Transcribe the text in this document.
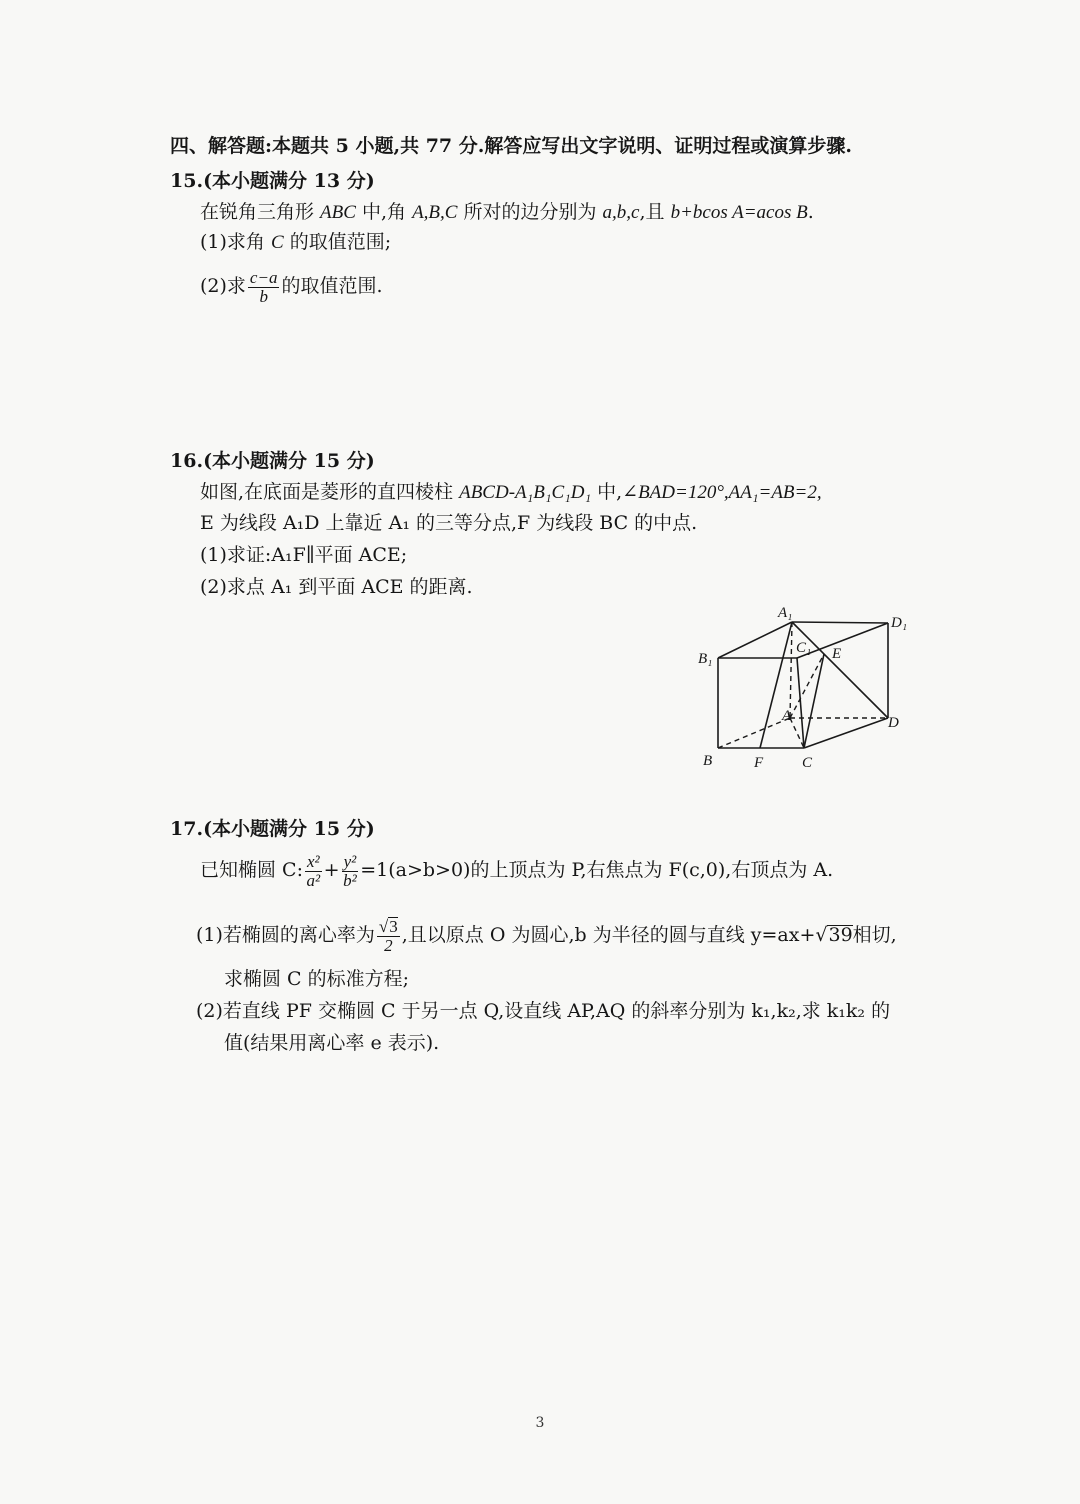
四、解答题:本题共 5 小题,共 77 分.解答应写出文字说明、证明过程或演算步骤.
15.(本小题满分 13 分)
在锐角三角形 ABC 中,角 A,B,C 所对的边分别为 a,b,c,且 b+bcos A=acos B.
(1)求角 C 的取值范围;
(2)求 $\frac{c-a}{b}$ 的取值范围.
16.(本小题满分 15 分)
如图,在底面是菱形的直四棱柱 ABCD-A₁B₁C₁D₁ 中,∠BAD=120°,AA₁=AB=2,
E 为线段 A₁D 上靠近 A₁ 的三等分点,F 为线段 BC 的中点.
(1)求证:A₁F∥平面 ACE;
(2)求点 A₁ 到平面 ACE 的距离.
A₁
D₁
B₁
C₁ E
A	D
B	F	C
17.(本小题满分 15 分)
已知椭圆 C: $\frac{\text{x²}}{\text{a²}} + \frac{\text{y²}}{\text{b²}} =1(a>b>0)$的上顶点为 P,右焦点为 F(c,0),右顶点为 A.
(1)若椭圆的离心率为 $\frac{√3}{2}$ ,且以原点 O 为圆心,b 为半径的圆与直线 y=ax+√39相切,
求椭圆 C 的标准方程;
(2)若直线 PF 交椭圆 C 于另一点 Q,设直线 AP,AQ 的斜率分别为 k₁,k₂,求 k₁k₂ 的
值(结果用离心率 e 表示).
3
